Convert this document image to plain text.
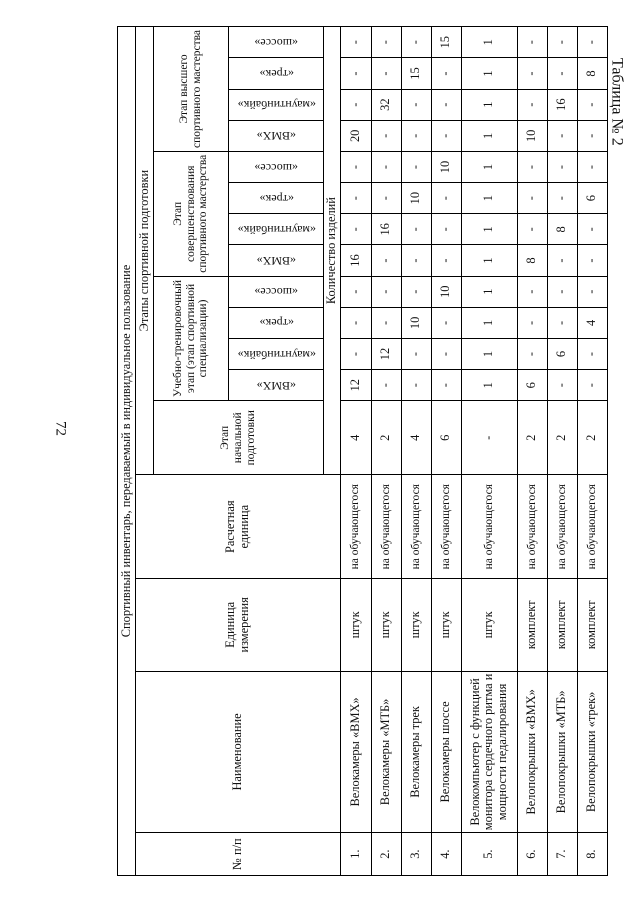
72
Таблица № 2
Спортивный инвентарь, передаваемый в индивидуальное пользование																
№ п/п	Наименование	Единица измерения	Расчетная единица	Этапы спортивной подготовки												
				Этап начальной подготовки	Учебно-тренировочный этап (этап спортивной специализации)				Этап совершенствования спортивного мастерства				Этап высшего спортивного мастерства			
					«ВМХ»	«маунтинбайк»	«трек»	«шоссе»	«ВМХ»	«маунтинбайк»	«трек»	«шоссе»	«ВМХ»	«маунтинбайк»	«трек»	«шоссе»
				Количество изделий												
1.	Велокамеры «ВМХ»	штук	на обучающегося	4	12	-	-	-	16	-	-	-	20	-	-	-
2.	Велокамеры «МТБ»	штук	на обучающегося	2	-	12	-	-	-	16	-	-	-	32	-	-
3.	Велокамеры трек	штук	на обучающегося	4	-	-	10	-	-	-	10	-	-	-	15	-
4.	Велокамеры шоссе	штук	на обучающегося	6	-	-	-	10	-	-	-	10	-	-	-	15
5.	Велокомпьютер с функцией монитора сердечного ритма и мощности педалирования	штук	на обучающегося	-	1	1	1	1	1	1	1	1	1	1	1	1
6.	Велопокрышки «ВМХ»	комплект	на обучающегося	2	6	-	-	-	8	-	-	-	10	-	-	-
7.	Велопокрышки «МТБ»	комплект	на обучающегося	2	-	6	-	-	-	8	-	-	-	16	-	-
8.	Велопокрышки «трек»	комплект	на обучающегося	2	-	-	4	-	-	-	6	-	-	-	8	-
